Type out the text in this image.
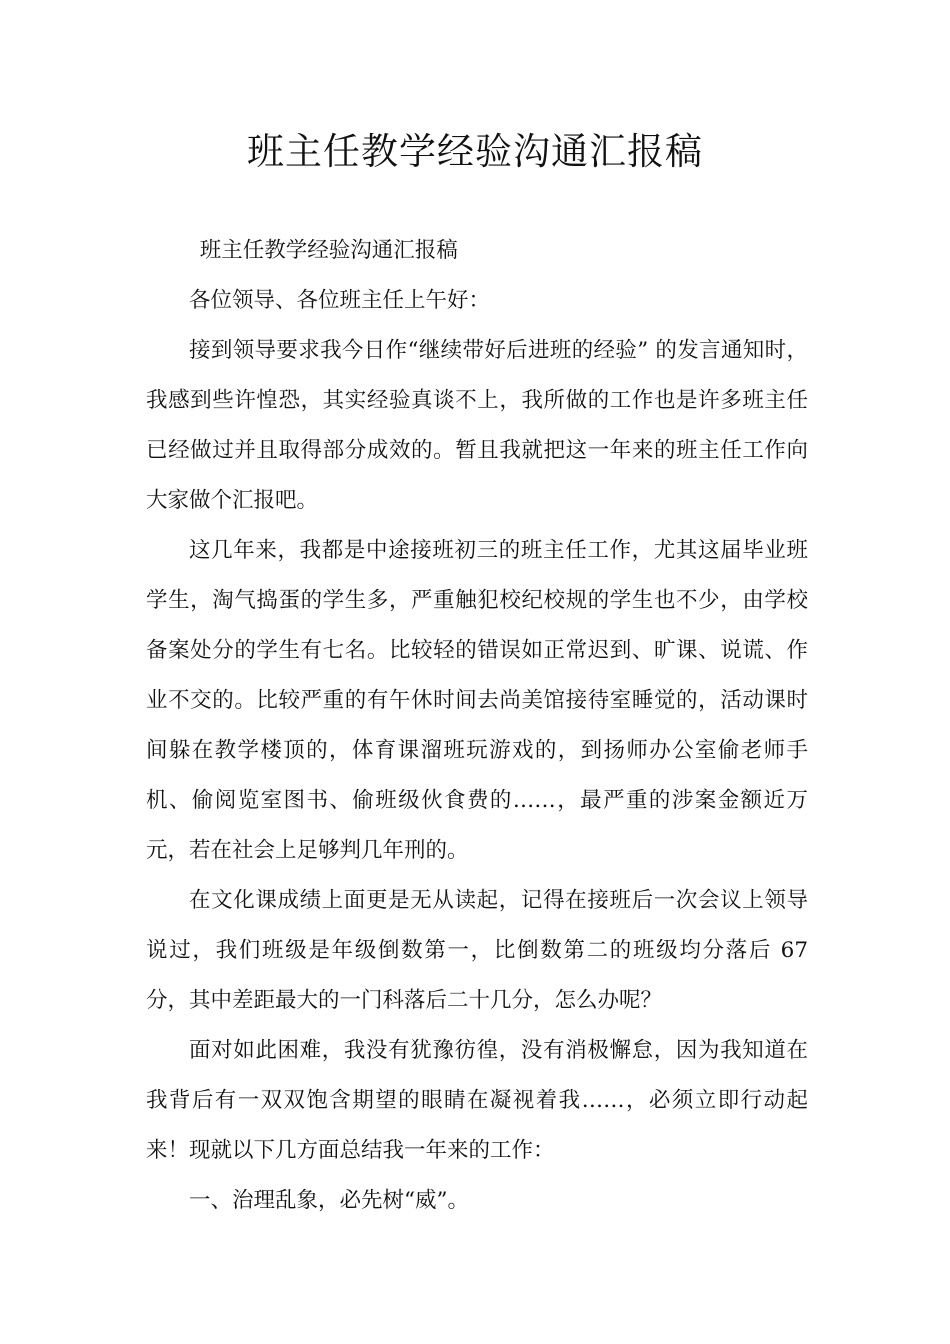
班主任教学经验沟通汇报稿

班主任教学经验沟通汇报稿

各位领导、各位班主任上午好：

接到领导要求我今日作“继续带好后进班的经验” 的发言通知时，我感到些许惶恐，其实经验真谈不上，我所做的工作也是许多班主任已经做过并且取得部分成效的。暂且我就把这一年来的班主任工作向大家做个汇报吧。

这几年来，我都是中途接班初三的班主任工作，尤其这届毕业班学生，淘气捣蛋的学生多，严重触犯校纪校规的学生也不少，由学校备案处分的学生有七名。比较轻的错误如正常迟到、旷课、说谎、作业不交的。比较严重的有午休时间去尚美馆接待室睡觉的，活动课时间躲在教学楼顶的，体育课溜班玩游戏的，到扬师办公室偷老师手机、偷阅览室图书、偷班级伙食费的……，最严重的涉案金额近万元，若在社会上足够判几年刑的。

在文化课成绩上面更是无从读起，记得在接班后一次会议上领导说过，我们班级是年级倒数第一，比倒数第二的班级均分落后 67 分，其中差距最大的一门科落后二十几分，怎么办呢？

面对如此困难，我没有犹豫彷徨，没有消极懈怠，因为我知道在我背后有一双双饱含期望的眼睛在凝视着我……，必须立即行动起来！现就以下几方面总结我一年来的工作：

一、治理乱象，必先树“威”。
